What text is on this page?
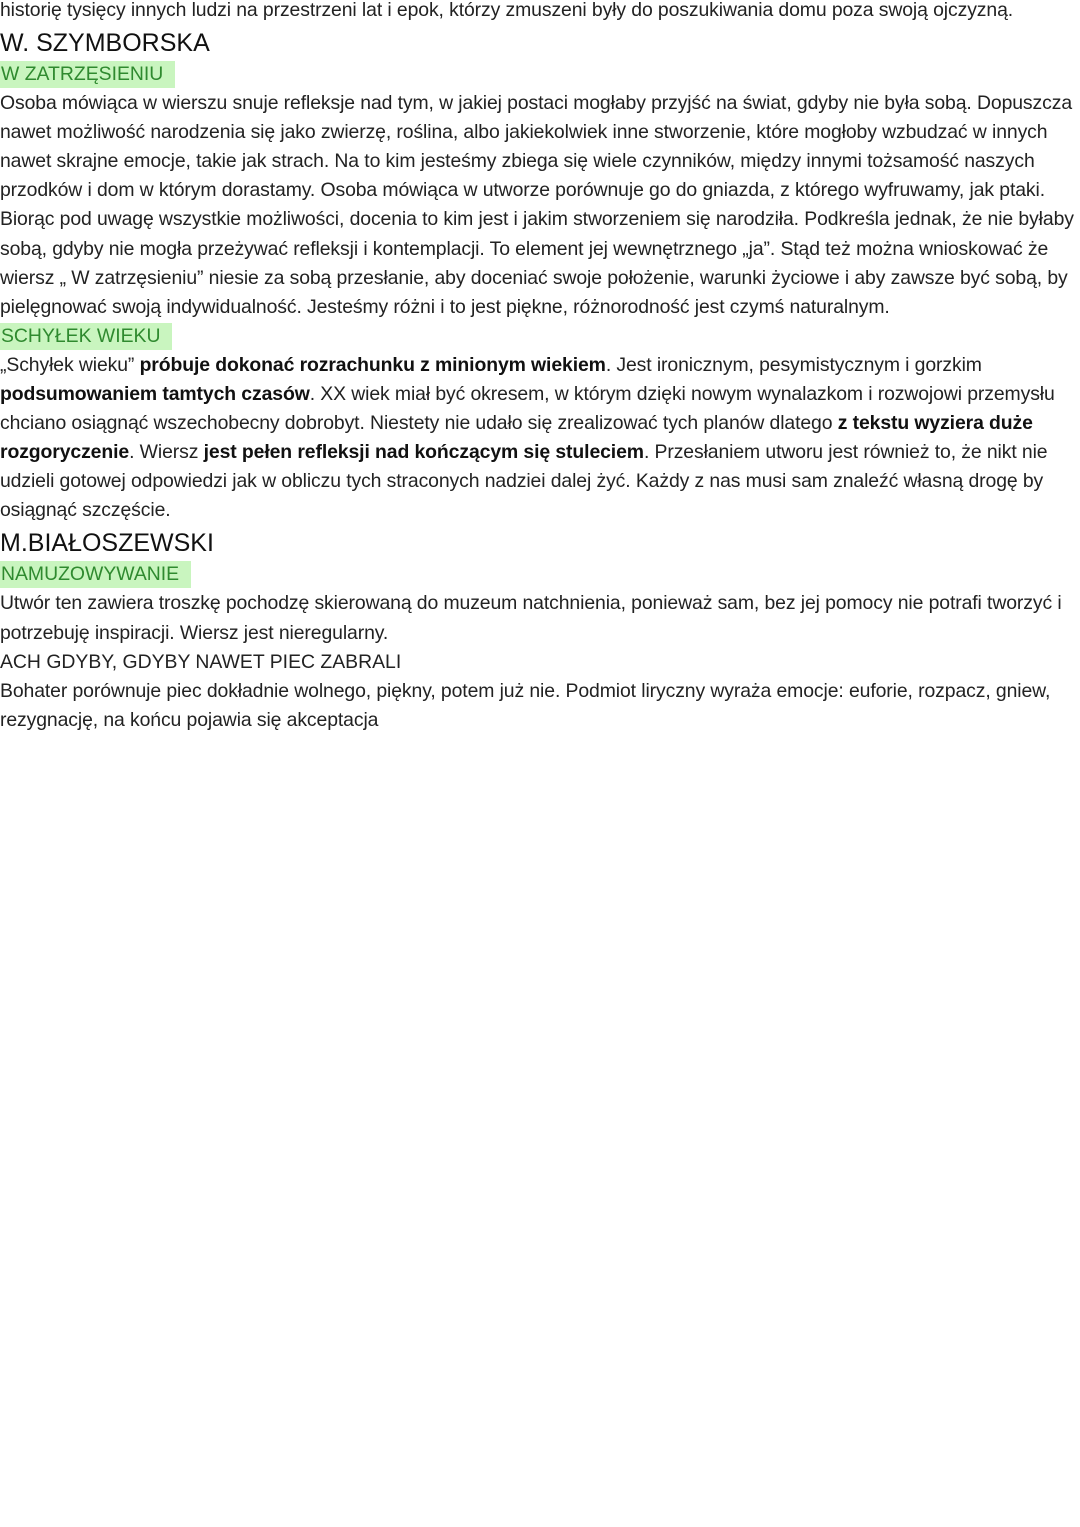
historię tysięcy innych ludzi na przestrzeni lat i epok, którzy zmuszeni były do poszukiwania domu poza swoją ojczyzną.

W. SZYMBORSKA
W ZATRZĘSIENIU

Osoba mówiąca w wierszu snuje refleksje nad tym, w jakiej postaci mogłaby przyjść na świat, gdyby nie była sobą. Dopuszcza nawet możliwość narodzenia się jako zwierzę, roślina, albo jakiekolwiek inne stworzenie, które mogłoby wzbudzać w innych nawet skrajne emocje, takie jak strach. Na to kim jesteśmy zbiega się wiele czynników, między innymi tożsamość naszych przodków i dom w którym dorastamy. Osoba mówiąca w utworze porównuje go do gniazda, z którego wyfruwamy, jak ptaki. Biorąc pod uwagę wszystkie możliwości, docenia to kim jest i jakim stworzeniem się narodziła. Podkreśla jednak, że nie byłaby sobą, gdyby nie mogła przeżywać refleksji i kontemplacji. To element jej wewnętrznego „ja”. Stąd też można wnioskować że wiersz „ W zatrzęsieniu” niesie za sobą przesłanie, aby doceniać swoje położenie, warunki życiowe i aby zawsze być sobą, by pielęgnować swoją indywidualność. Jesteśmy różni i to jest piękne, różnorodność jest czymś naturalnym.

SCHYŁEK WIEKU

„Schyłek wieku” próbuje dokonać rozrachunku z minionym wiekiem. Jest ironicznym, pesymistycznym i gorzkim podsumowaniem tamtych czasów. XX wiek miał być okresem, w którym dzięki nowym wynalazkom i rozwojowi przemysłu chciano osiągnąć wszechobecny dobrobyt. Niestety nie udało się zrealizować tych planów dlatego z tekstu wyziera duże rozgoryczenie. Wiersz jest pełen refleksji nad kończącym się stuleciem. Przesłaniem utworu jest również to, że nikt nie udzieli gotowej odpowiedzi jak w obliczu tych straconych nadziei dalej żyć. Każdy z nas musi sam znaleźć własną drogę by osiągnąć szczęście.

M.BIAŁOSZEWSKI
NAMUZOWYWANIE

Utwór ten zawiera troszkę pochodzę skierowaną do muzeum natchnienia, ponieważ sam, bez jej pomocy nie potrafi tworzyć i potrzebuję inspiracji. Wiersz jest nieregularny.

ACH GDYBY, GDYBY NAWET PIEC ZABRALI

Bohater porównuje piec dokładnie wolnego, piękny, potem już nie. Podmiot liryczny wyraża emocje: euforie, rozpacz, gniew, rezygnację, na końcu pojawia się akceptacja
